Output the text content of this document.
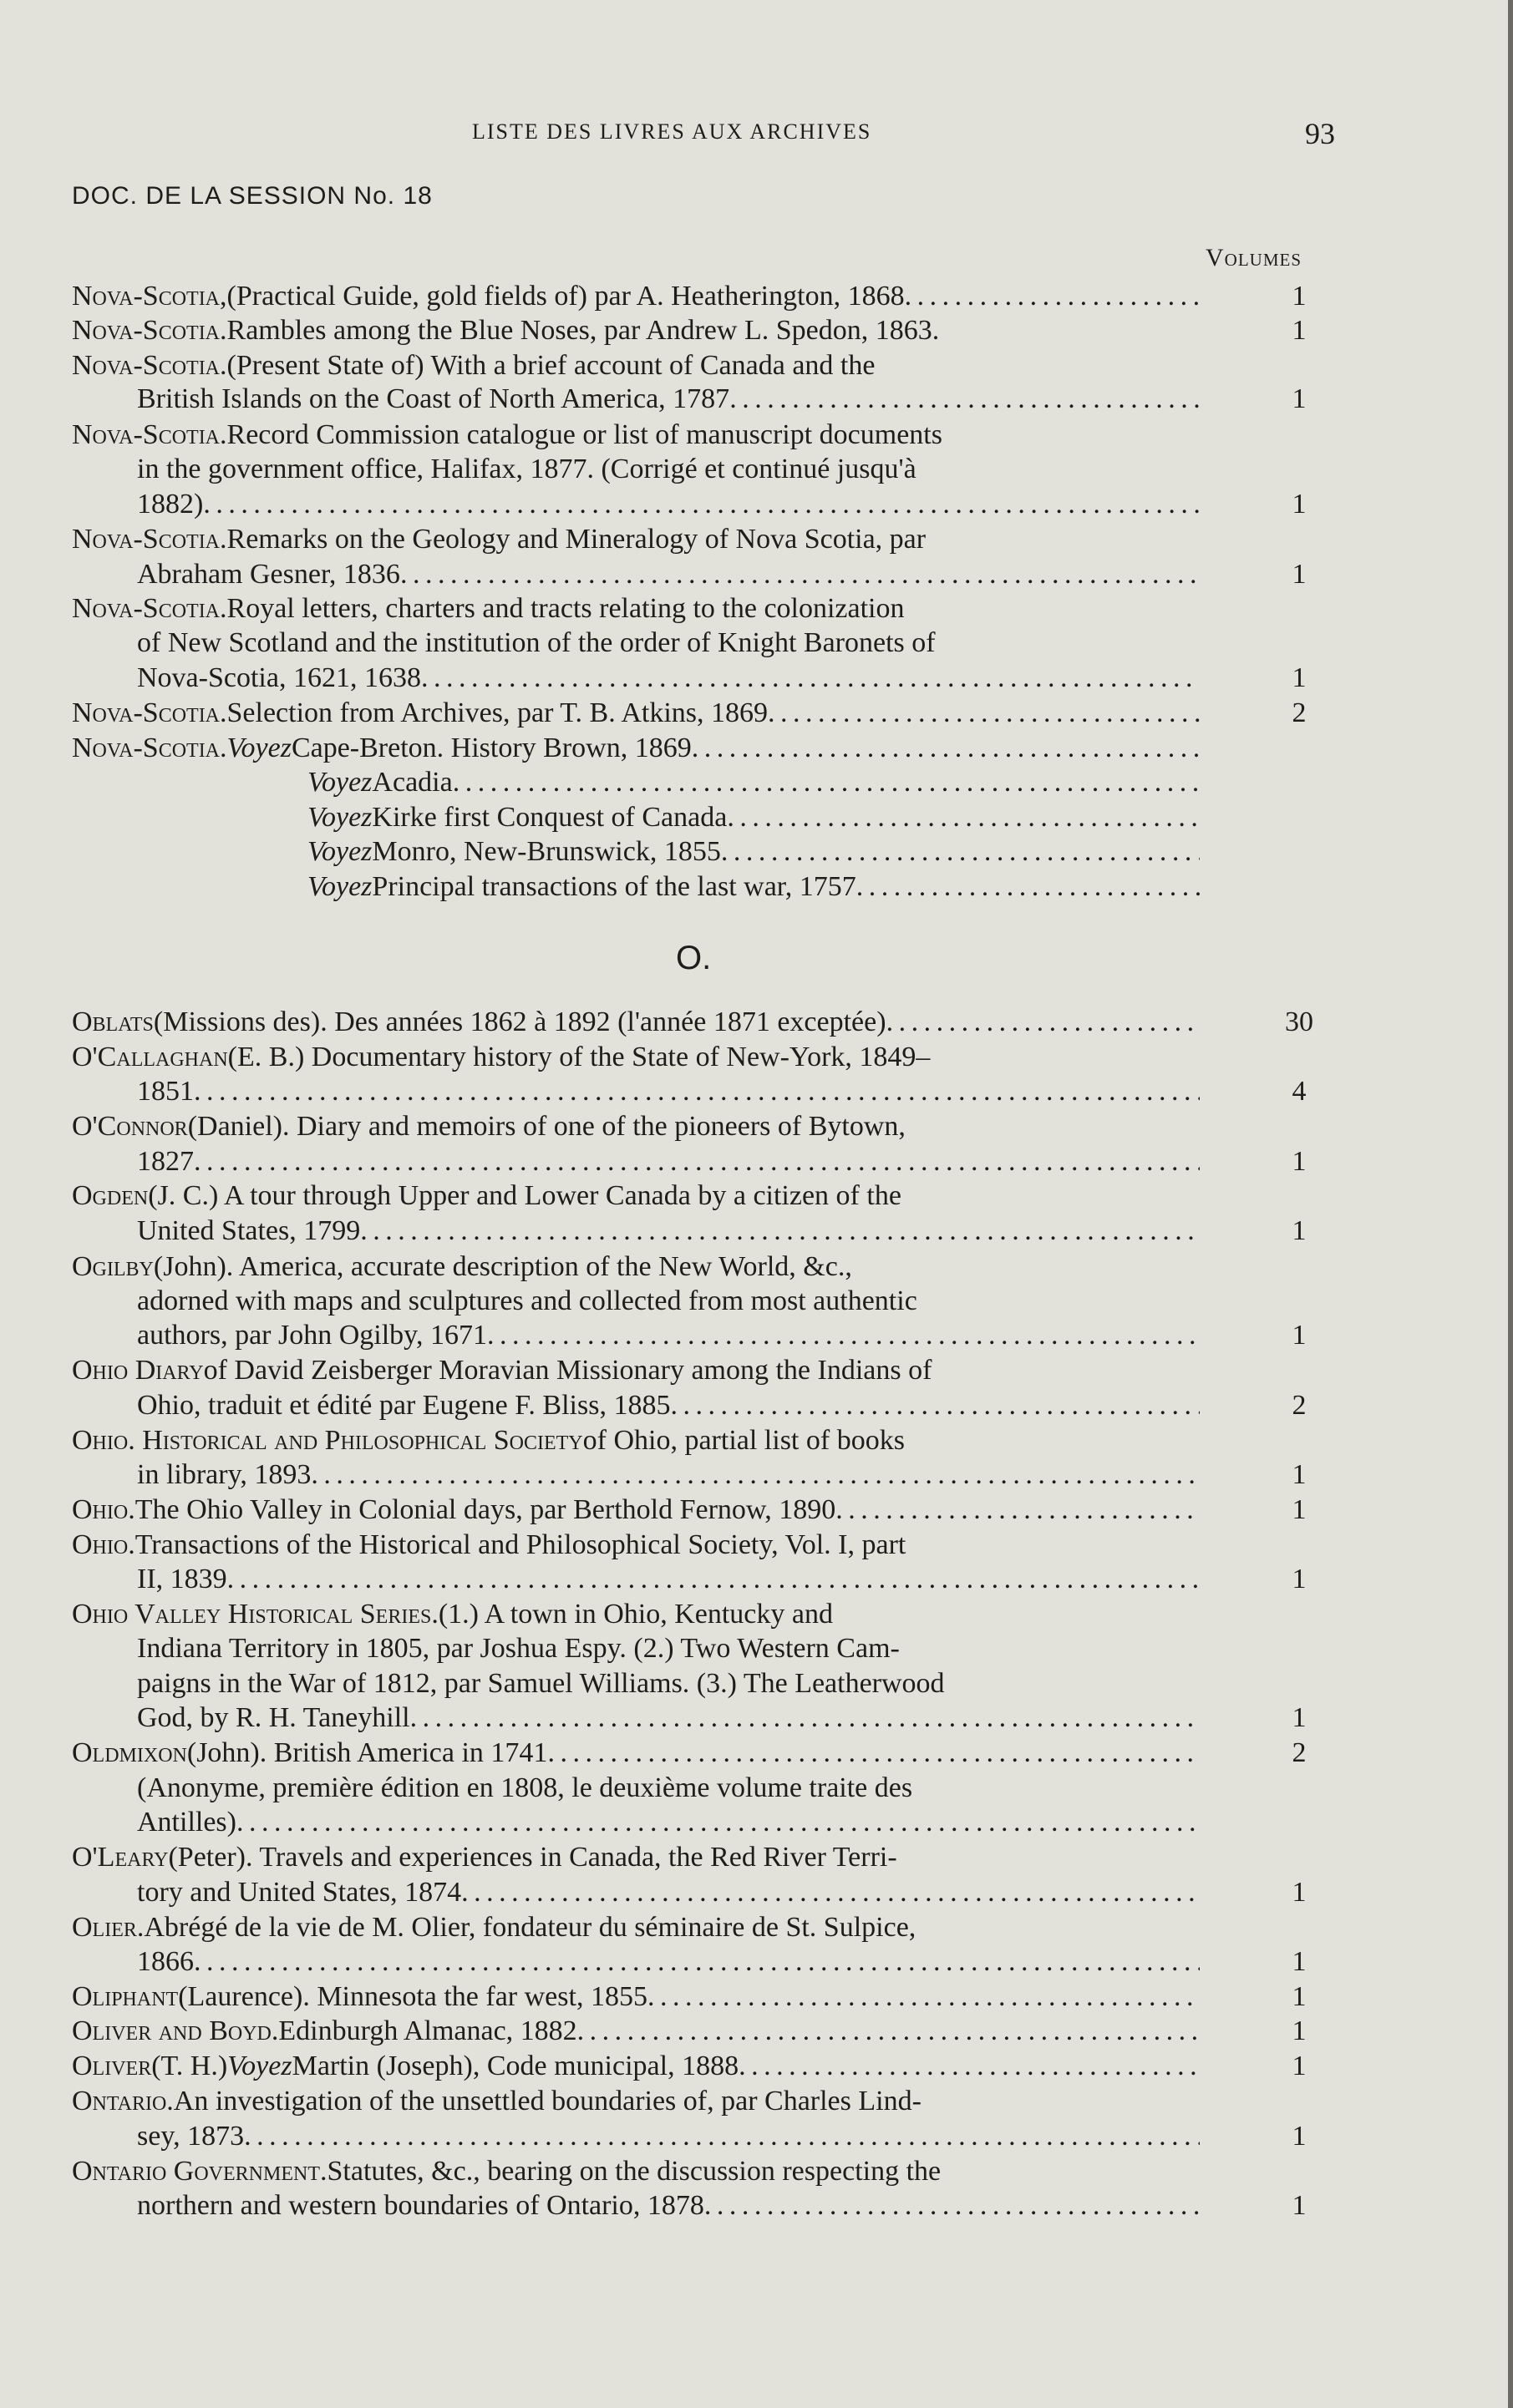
LISTE DES LIVRES AUX ARCHIVES	93
DOC. DE LA SESSION No. 18
Volumes
O.
Nova-Scotia, (Practical Guide, gold fields of) par A. Heatherington, 1868
. . .
Nova-Scotia. Rambles among the Blue Noses, par Andrew L. Spedon, 1863.
Nova-Scotia. (Present State of) With a brief account of Canada and the
British Islands on the Coast of North America, 1787
. . .
Nova-Scotia. Record Commission catalogue or list of manuscript documents
in the government office, Halifax, 1877. (Corrigé et continué jusqu'à
1882)
. . .
Nova-Scotia. Remarks on the Geology and Mineralogy of Nova Scotia, par
Abraham Gesner, 1836
. . .
Nova-Scotia. Royal letters, charters and tracts relating to the colonization
of New Scotland and the institution of the order of Knight Baronets of
Nova-Scotia, 1621, 1638
. . .
Nova-Scotia. Selection from Archives, par T. B. Atkins, 1869
. . .
Nova-Scotia. Voyez Cape-Breton. History Brown, 1869
. . .
Voyez Acadia
. . .
Voyez Kirke first Conquest of Canada
. . .
Voyez Monro, New-Brunswick, 1855
. . .
Voyez Principal transactions of the last war, 1757
. . .
Oblats (Missions des). Des années 1862 à 1892 (l'année 1871 exceptée)
. . .
O'Callaghan (E. B.) Documentary history of the State of New-York, 1849–
1851
. . .
O'Connor (Daniel). Diary and memoirs of one of the pioneers of Bytown,
1827
. . .
Ogden (J. C.) A tour through Upper and Lower Canada by a citizen of the
United States, 1799
. . .
Ogilby (John). America, accurate description of the New World, &c.,
adorned with maps and sculptures and collected from most authentic
authors, par John Ogilby, 1671
. . .
Ohio Diary of David Zeisberger Moravian Missionary among the Indians of
Ohio, traduit et édité par Eugene F. Bliss, 1885
. . .
Ohio. Historical and Philosophical Society of Ohio, partial list of books
in library, 1893
. . .
Ohio. The Ohio Valley in Colonial days, par Berthold Fernow, 1890
. . .
Ohio. Transactions of the Historical and Philosophical Society, Vol. I, part
II, 1839
. . .
Ohio Valley Historical Series. (1.) A town in Ohio, Kentucky and
Indiana Territory in 1805, par Joshua Espy. (2.) Two Western Cam-
paigns in the War of 1812, par Samuel Williams. (3.) The Leatherwood
God, by R. H. Taneyhill
. . .
Oldmixon (John). British America in 1741
. . .
(Anonyme, première édition en 1808, le deuxième volume traite des
Antilles)
. . .
O'Leary (Peter). Travels and experiences in Canada, the Red River Terri-
tory and United States, 1874
. . .
Olier. Abrégé de la vie de M. Olier, fondateur du séminaire de St. Sulpice,
1866
. . .
Oliphant (Laurence). Minnesota the far west, 1855
. . .
Oliver and Boyd. Edinburgh Almanac, 1882
. . .
Oliver (T. H.) Voyez Martin (Joseph), Code municipal, 1888
. . .
Ontario. An investigation of the unsettled boundaries of, par Charles Lind-
sey, 1873
. . .
Ontario Government. Statutes, &c., bearing on the discussion respecting the
northern and western boundaries of Ontario, 1878
. . .
1
1
1
1
1
1
2
30
4
1
1
1
2
1
1
1
1
2
1
1
1
1
1
1
1
